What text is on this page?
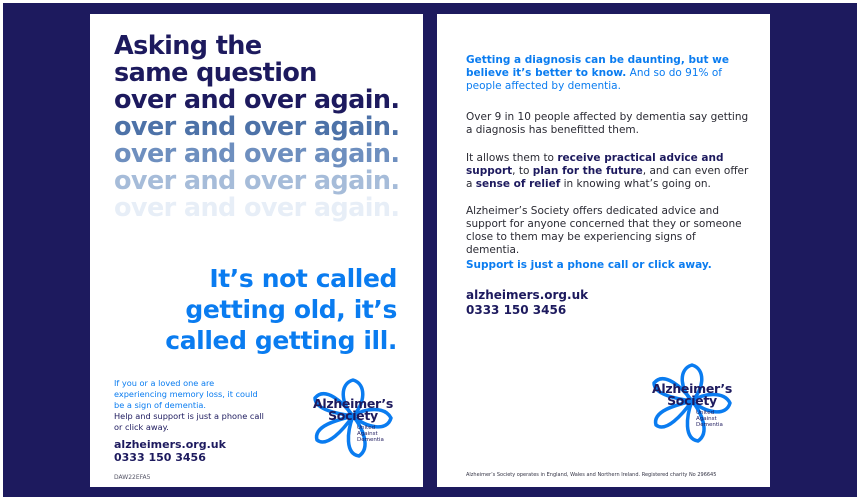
Asking the
same question
over and over again.
over and over again.
over and over again.
over and over again.
over and over again.
It’s not called
getting old, it’s
called getting ill.
If you or a loved one are experiencing memory loss, it could be a sign of dementia.
Help and support is just a phone call or click away.
alzheimers.org.uk
0333 150 3456
DAW22EFA5
Alzheimer’s
Society
United
Against
Dementia
Getting a diagnosis can be daunting, but we believe it’s better to know. And so do 91% of people affected by dementia.
Over 9 in 10 people affected by dementia say getting a diagnosis has benefitted them.
It allows them to receive practical advice and support, to plan for the future, and can even offer a sense of relief in knowing what’s going on.
Alzheimer’s Society offers dedicated advice and support for anyone concerned that they or someone close to them may be experiencing signs of dementia.
Support is just a phone call or click away.
alzheimers.org.uk
0333 150 3456
Alzheimer’s
Society
United
Against
Dementia
Alzheimer’s Society operates in England, Wales and Northern Ireland. Registered charity No 296645
